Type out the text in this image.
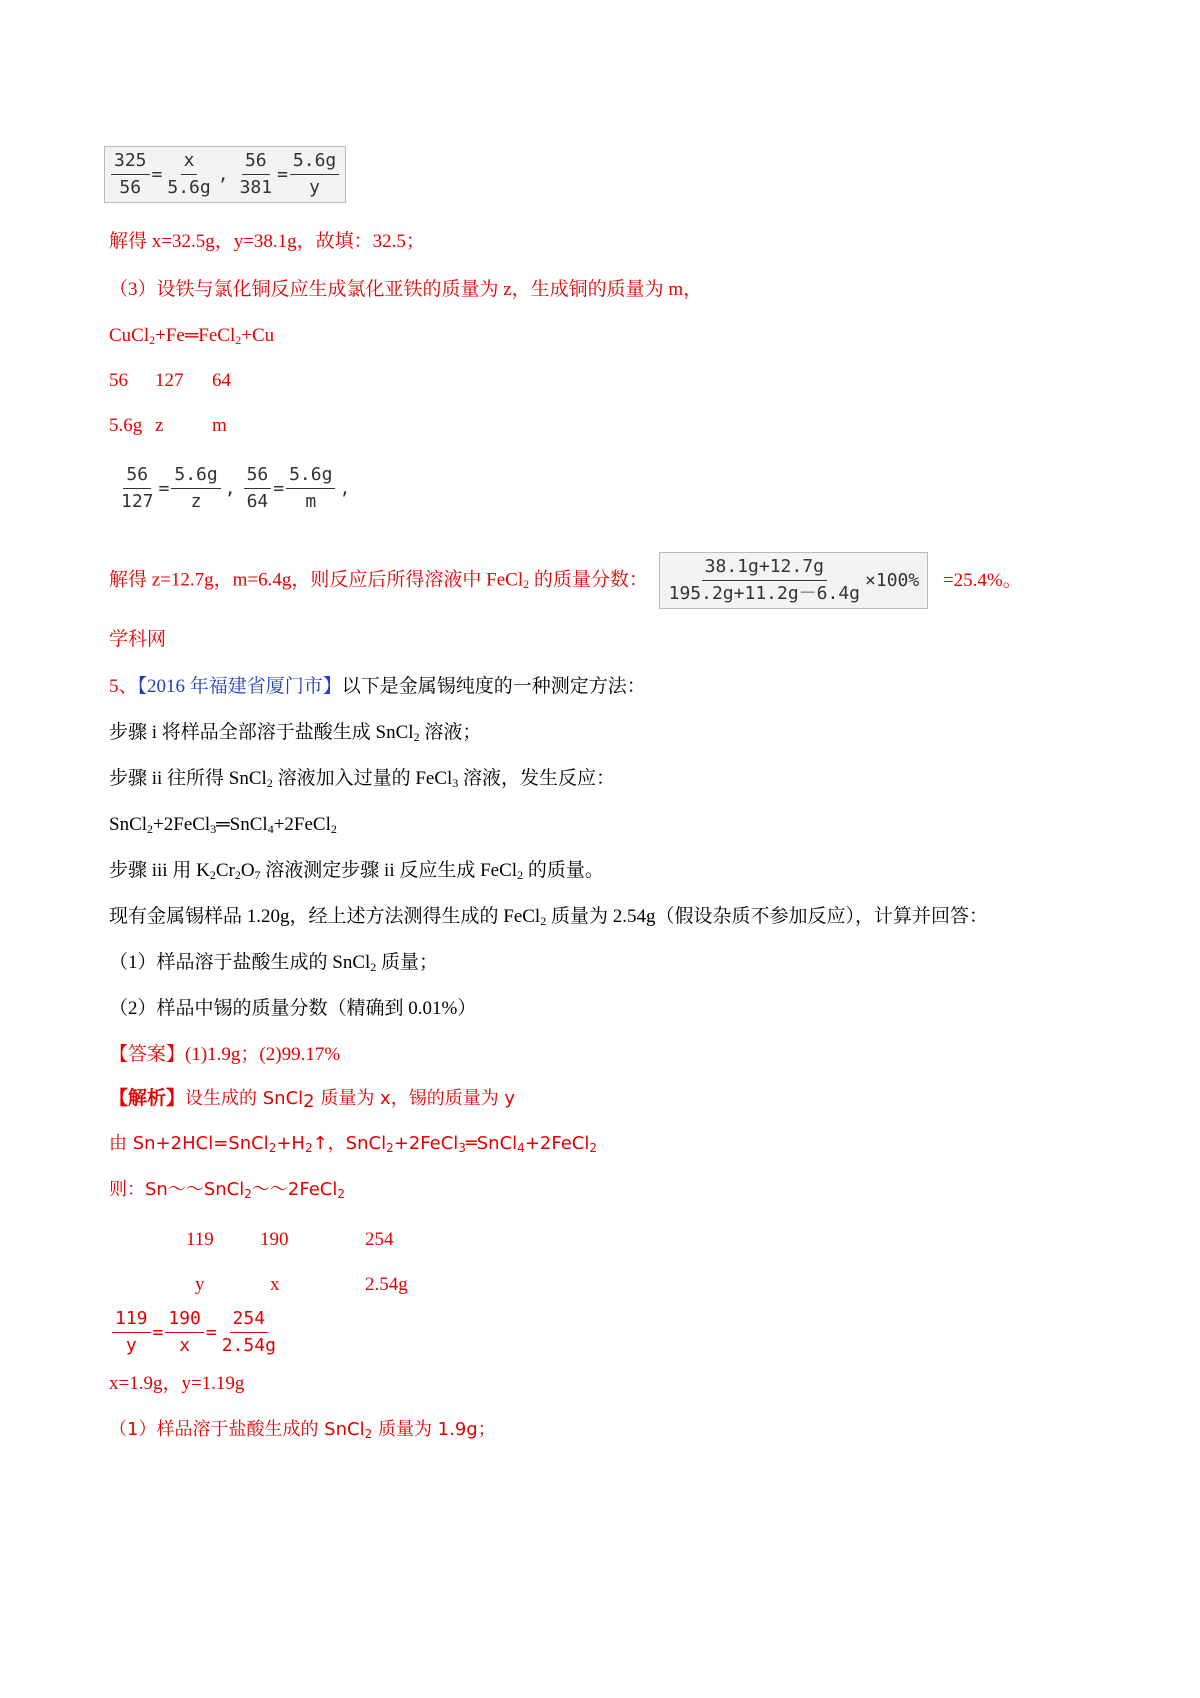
$\frac{325}{56} = \frac{x}{5.6g}$ , $\frac{56}{381} = \frac{5.6g}{y}$
解得 x=32.5g，y=38.1g，故填：32.5；
（3）设铁与氯化铜反应生成氯化亚铁的质量为 z，生成铜的质量为 m，
CuCl$_2$+Fe═FeCl$_2$+Cu
56 127 64
5.6g z	m
$\frac{56}{127} = \frac{5.6g}{z}$ , $\frac{56}{64} = \frac{5.6g}{m}$ ,
解得 z=12.7g，m=6.4g，则反应后所得溶液中 FeCl$_2$ 的质量分数： $\frac{38.1g+12.7g}{195.2g+11.2g-6.4g} \times 100\% =25.4\%$。
学科网
5、【2016 年福建省厦门市】以下是金属锡纯度的一种测定方法：
步骤 i 将样品全部溶于盐酸生成 SnCl$_2$ 溶液；
步骤 ii 往所得 SnCl$_2$ 溶液加入过量的 FeCl$_3$ 溶液，发生反应：
SnCl$_2$+2FeCl$_3$═SnCl$_4$+2FeCl$_2$
步骤 iii 用 $K_2Cr_2O_7$ 溶液测定步骤 ii 反应生成 FeCl$_2$ 的质量。
现有金属锡样品 1.20g，经上述方法测得生成的 FeCl$_2$ 质量为 2.54g（假设杂质不参加反应），计算并回答：
（1）样品溶于盐酸生成的 SnCl$_2$ 质量；
（2）样品中锡的质量分数（精确到 0.01%）
【答案】(1)1.9g；(2)99.17%
【解析】设生成的 SnCl$_2$ 质量为 x，锡的质量为 y
由 $Sn+2HCl=SnCl_2+H_2↑$，SnCl$_2$+2FeCl$_3$═SnCl$_4$+2FeCl$_2$
则：Sn～～SnCl$_2$～～2FeCl$_2$
119 190	254
y	x	2.54g
$\frac{119}{y} = \frac{190}{x} = \frac{254}{2.54g}$
x=1.9g，y=1.19g
（1）样品溶于盐酸生成的 SnCl$_2$ 质量为 1.9g；
